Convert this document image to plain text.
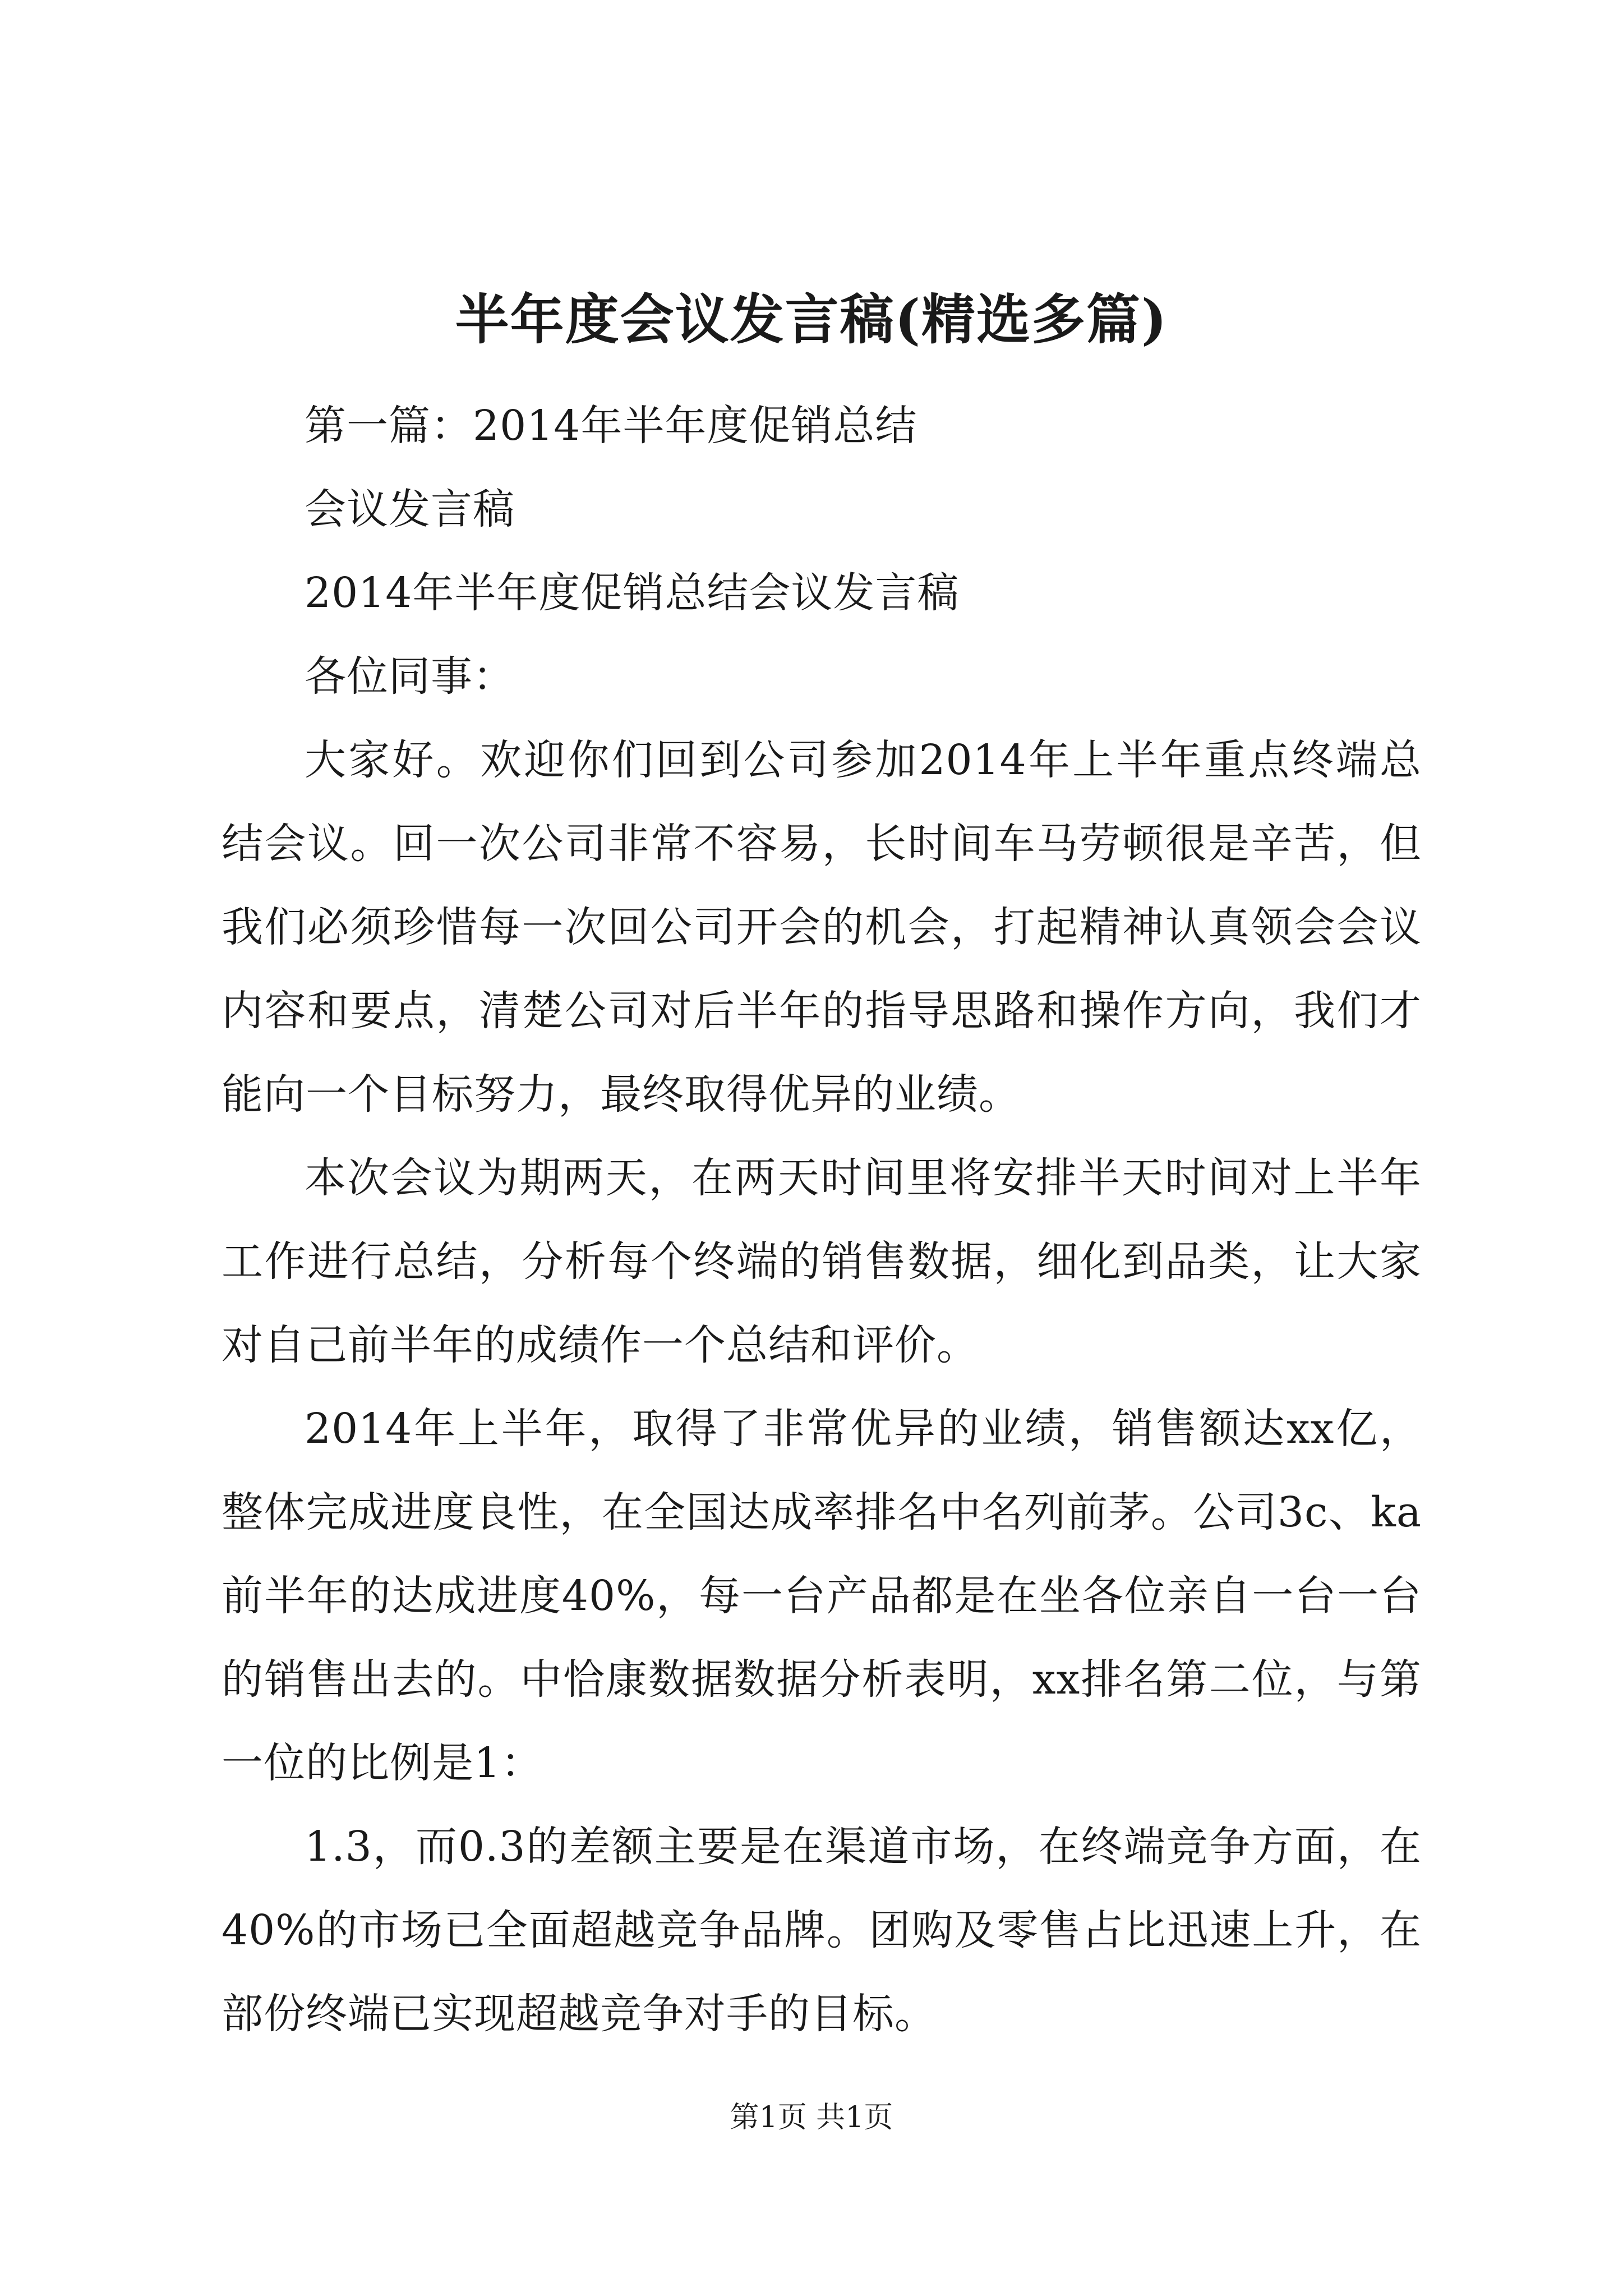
半年度会议发言稿(精选多篇)

第一篇：2014年半年度促销总结

会议发言稿

2014年半年度促销总结会议发言稿

各位同事：

大家好。欢迎你们回到公司参加2014年上半年重点终端总结会议。回一次公司非常不容易，长时间车马劳顿很是辛苦，但我们必须珍惜每一次回公司开会的机会，打起精神认真领会会议内容和要点，清楚公司对后半年的指导思路和操作方向，我们才能向一个目标努力，最终取得优异的业绩。

本次会议为期两天，在两天时间里将安排半天时间对上半年工作进行总结，分析每个终端的销售数据，细化到品类，让大家对自己前半年的成绩作一个总结和评价。

2014年上半年，取得了非常优异的业绩，销售额达xx亿，整体完成进度良性，在全国达成率排名中名列前茅。公司3c、ka前半年的达成进度40%，每一台产品都是在坐各位亲自一台一台的销售出去的。中恰康数据数据分析表明，xx排名第二位，与第一位的比例是1：

1.3，而0.3的差额主要是在渠道市场，在终端竞争方面，在40%的市场已全面超越竞争品牌。团购及零售占比迅速上升，在部份终端已实现超越竞争对手的目标。

第1页 共1页
